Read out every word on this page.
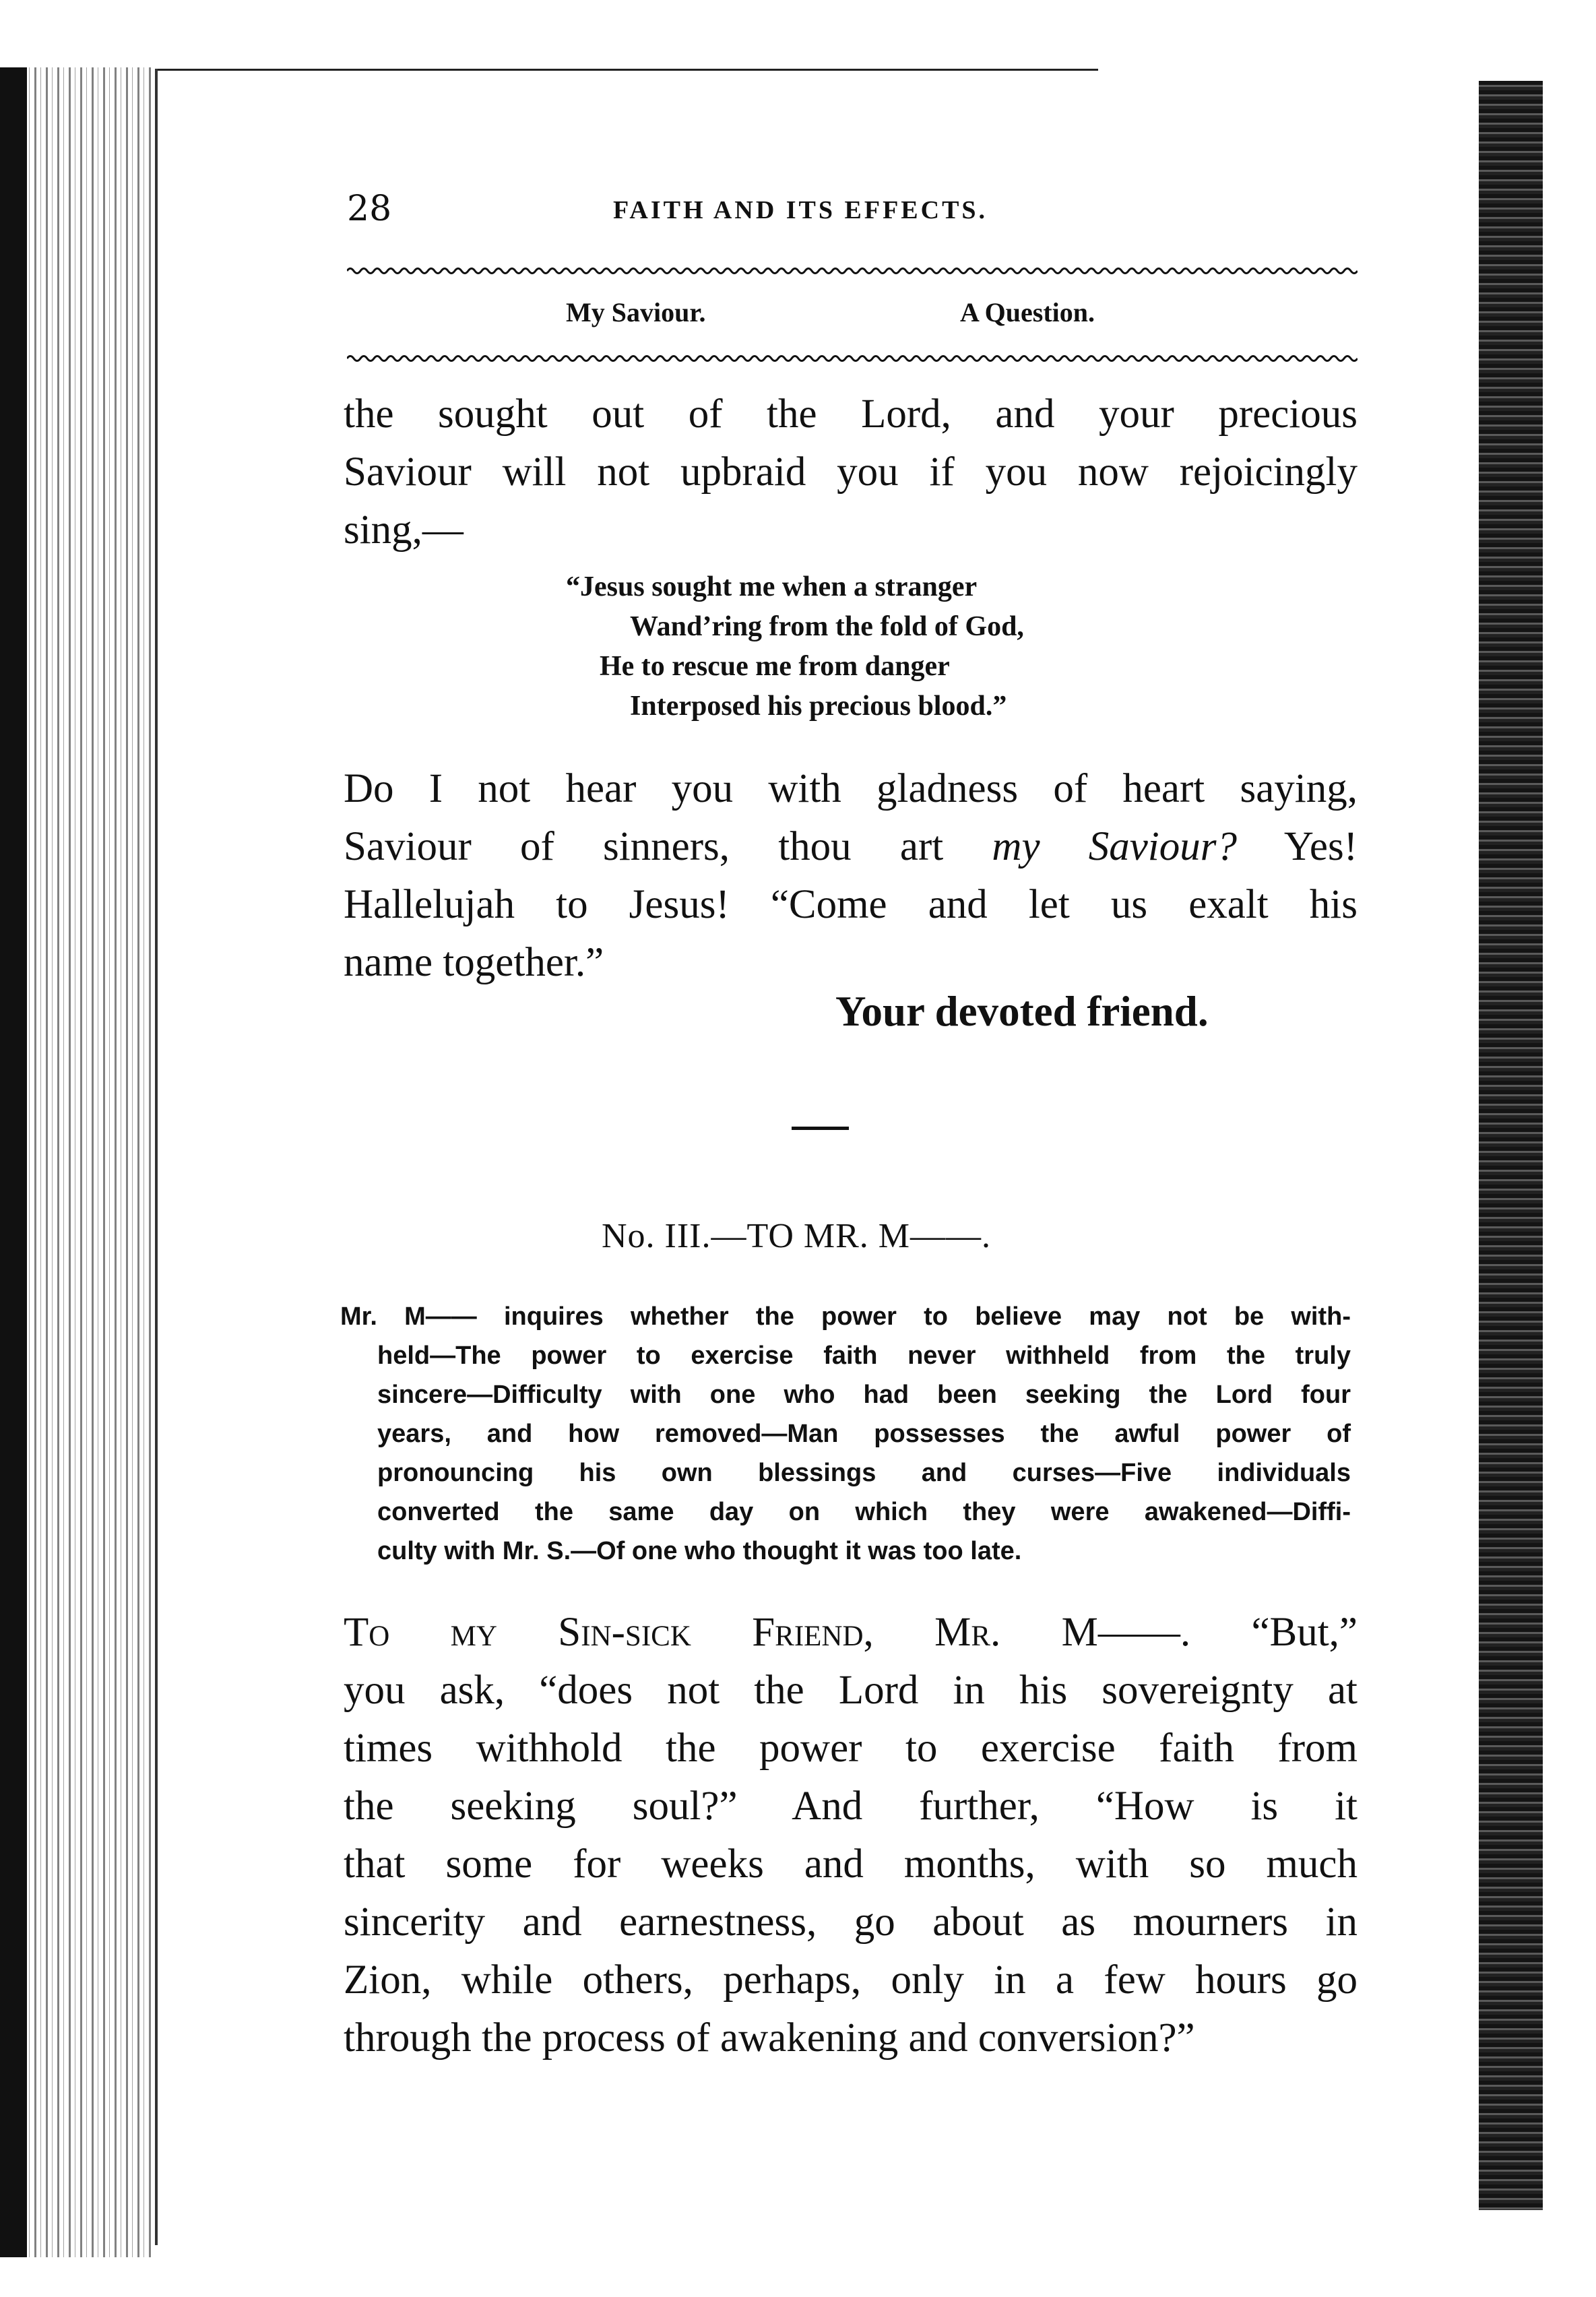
28	FAITH AND ITS EFFECTS.
My Saviour.	A Question.
the sought out of the Lord, and your precious
Saviour will not upbraid you if you now rejoicingly
sing,—
“Jesus sought me when a stranger
Wand’ring from the fold of God,
He to rescue me from danger
Interposed his precious blood.”
Do I not hear you with gladness of heart saying,
Saviour of sinners, thou art my Saviour? Yes!
Hallelujah to Jesus! “Come and let us exalt his
name together.”
Your devoted friend.
No. III.—TO MR. M——.
Mr. M—— inquires whether the power to believe may not be with-
held—The power to exercise faith never withheld from the truly
sincere—Difficulty with one who had been seeking the Lord four
years, and how removed—Man possesses the awful power of
pronouncing his own blessings and curses—Five individuals
converted the same day on which they were awakened—Diffi-
culty with Mr. S.—Of one who thought it was too late.
To my Sin-sick Friend, Mr. M——. “But,”
you ask, “does not the Lord in his sovereignty at
times withhold the power to exercise faith from
the seeking soul?” And further, “How is it
that some for weeks and months, with so much
sincerity and earnestness, go about as mourners in
Zion, while others, perhaps, only in a few hours go
through the process of awakening and conversion?”
